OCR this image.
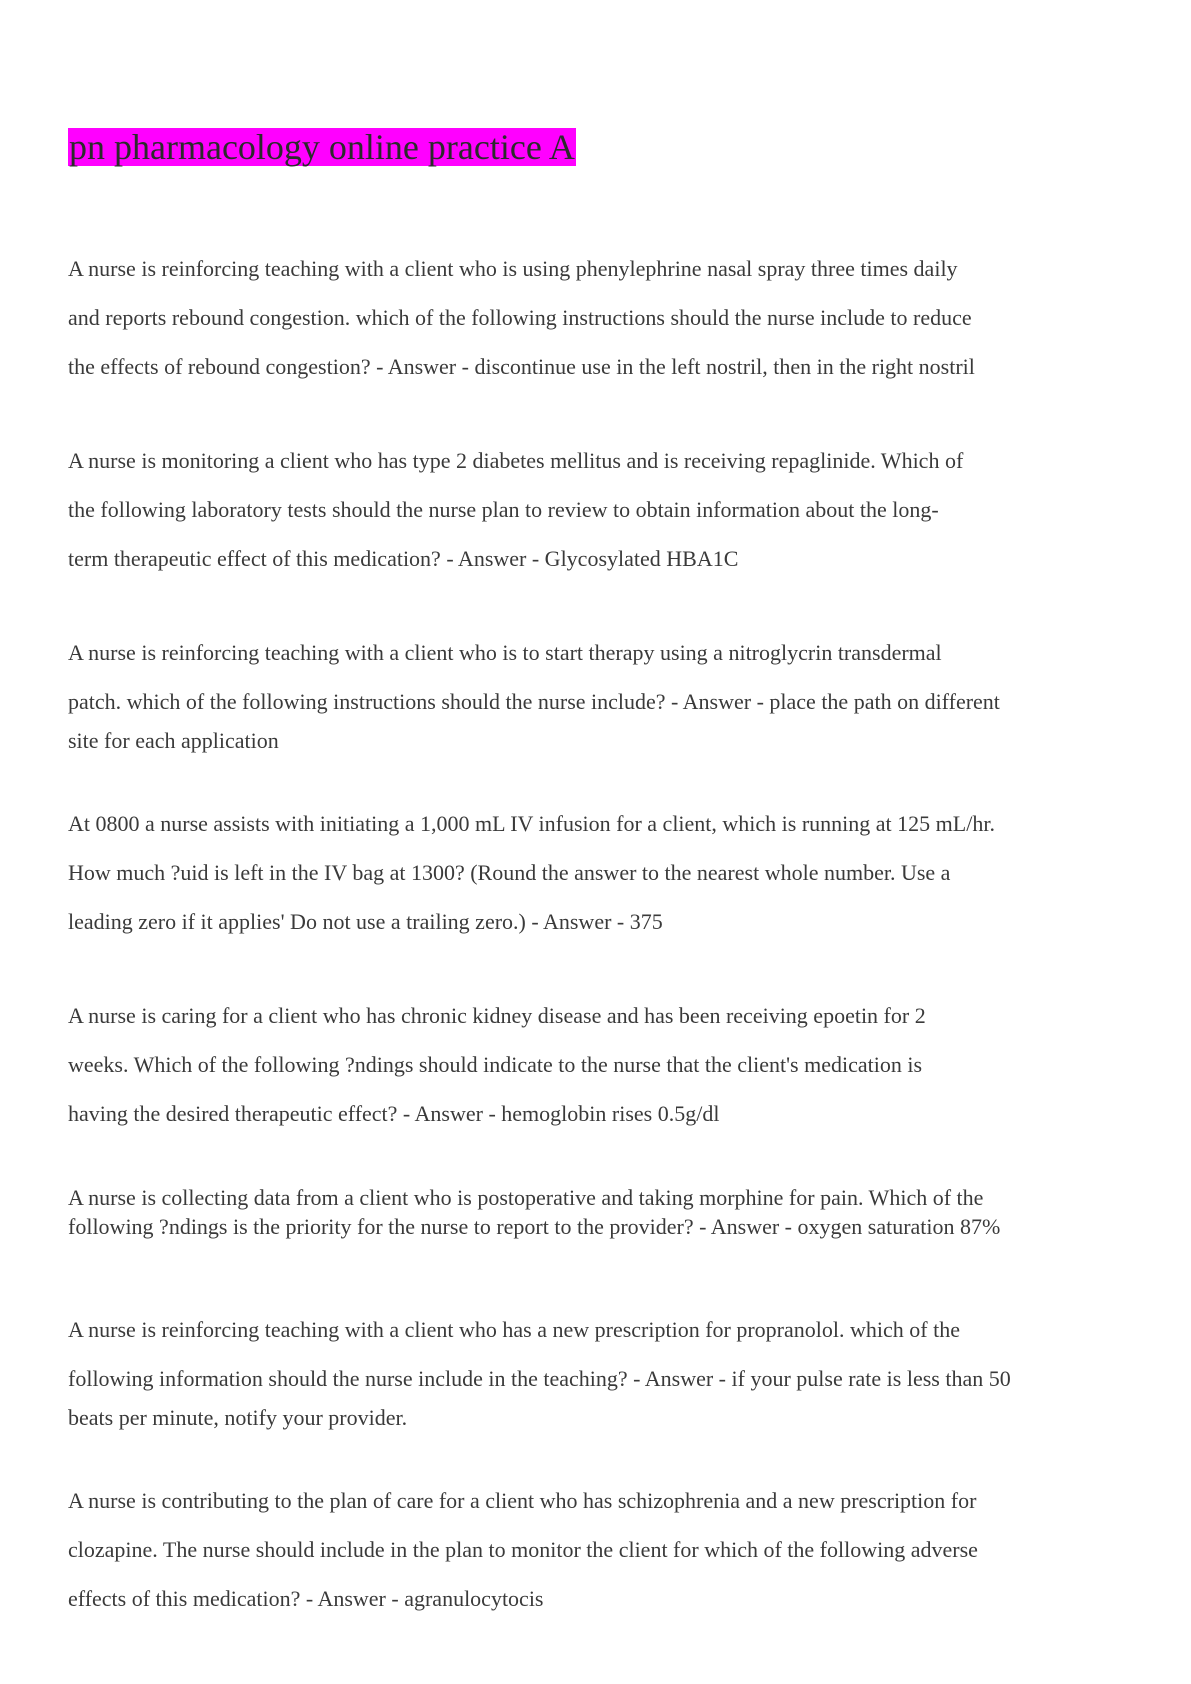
pn pharmacology online practice A
A nurse is reinforcing teaching with a client who is using phenylephrine nasal spray three times daily
and reports rebound congestion. which of the following instructions should the nurse include to reduce
the effects of rebound congestion? - Answer - discontinue use in the left nostril, then in the right nostril
A nurse is monitoring a client who has type 2 diabetes mellitus and is receiving repaglinide. Which of
the following laboratory tests should the nurse plan to review to obtain information about the long-
term therapeutic effect of this medication? - Answer - Glycosylated HBA1C
A nurse is reinforcing teaching with a client who is to start therapy using a nitroglycrin transdermal
patch. which of the following instructions should the nurse include? - Answer - place the path on different
site for each application
At 0800 a nurse assists with initiating a 1,000 mL IV infusion for a client, which is running at 125 mL/hr.
How much ?uid is left in the IV bag at 1300? (Round the answer to the nearest whole number. Use a
leading zero if it applies' Do not use a trailing zero.) - Answer - 375
A nurse is caring for a client who has chronic kidney disease and has been receiving epoetin for 2
weeks. Which of the following ?ndings should indicate to the nurse that the client's medication is
having the desired therapeutic effect? - Answer - hemoglobin rises 0.5g/dl
A nurse is collecting data from a client who is postoperative and taking morphine for pain. Which of the
following ?ndings is the priority for the nurse to report to the provider? - Answer - oxygen saturation 87%
A nurse is reinforcing teaching with a client who has a new prescription for propranolol. which of the
following information should the nurse include in the teaching? - Answer - if your pulse rate is less than 50
beats per minute, notify your provider.
A nurse is contributing to the plan of care for a client who has schizophrenia and a new prescription for
clozapine. The nurse should include in the plan to monitor the client for which of the following adverse
effects of this medication? - Answer - agranulocytocis
